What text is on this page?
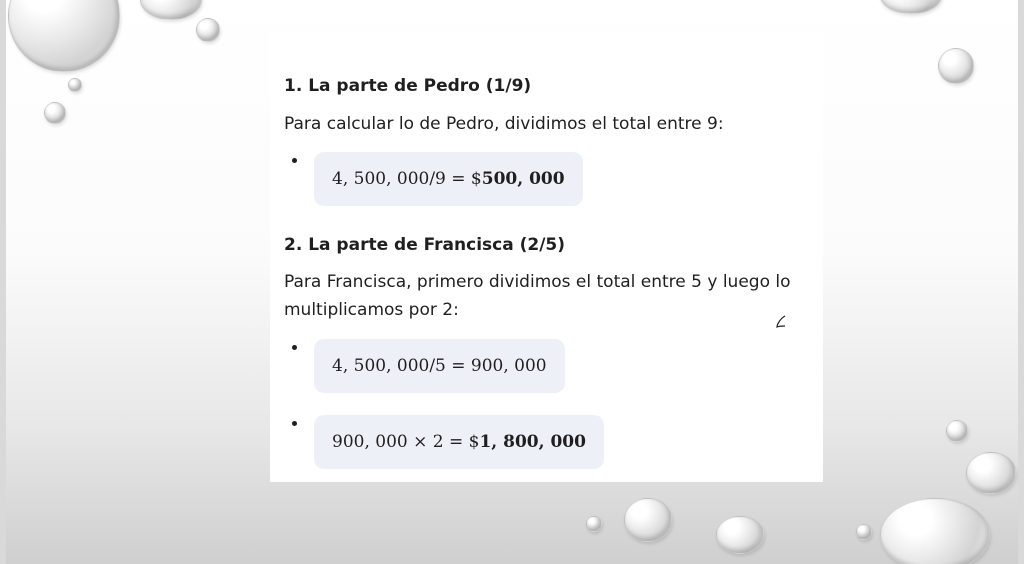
1. La parte de Pedro (1/9)
Para calcular lo de Pedro, dividimos el total entre 9:
4, 500, 000/9 = $ 500, 000
2. La parte de Francisca (2/5)
Para Francisca, primero dividimos el total entre 5 y luego lo multiplicamos por 2:
4, 500, 000/5 = 900, 000
900, 000 × 2 = $ 1, 800, 000
